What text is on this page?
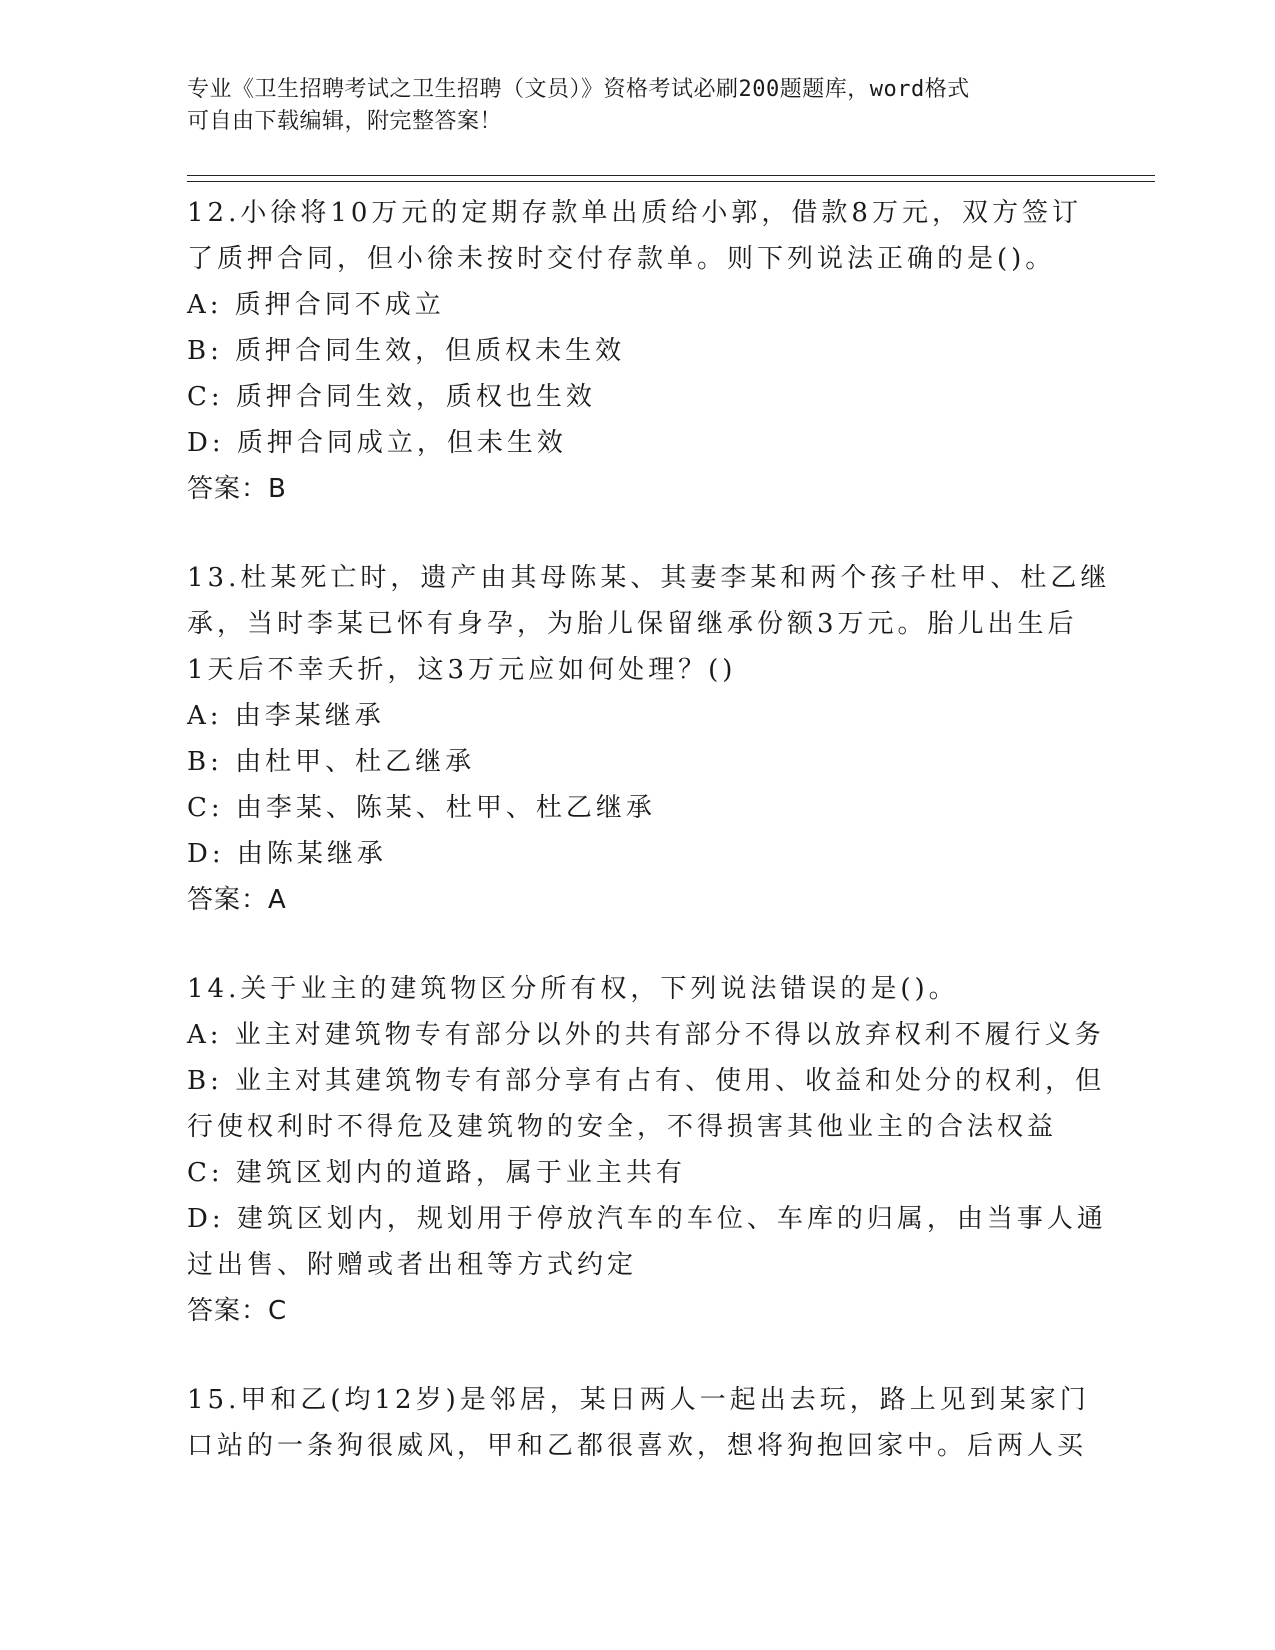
专业《卫生招聘考试之卫生招聘（文员）》资格考试必刷200题题库，word格式

可自由下载编辑，附完整答案！

12.小徐将10万元的定期存款单出质给小郭，借款8万元，双方签订

了质押合同，但小徐未按时交付存款单。则下列说法正确的是()。

A: 质押合同不成立

B: 质押合同生效，但质权未生效

C: 质押合同生效，质权也生效

D: 质押合同成立，但未生效

答案：B

13.杜某死亡时，遗产由其母陈某、其妻李某和两个孩子杜甲、杜乙继

承，当时李某已怀有身孕，为胎儿保留继承份额3万元。胎儿出生后

1天后不幸夭折，这3万元应如何处理？()

A: 由李某继承

B: 由杜甲、杜乙继承

C: 由李某、陈某、杜甲、杜乙继承

D: 由陈某继承

答案：A

14.关于业主的建筑物区分所有权，下列说法错误的是()。

A: 业主对建筑物专有部分以外的共有部分不得以放弃权利不履行义务

B: 业主对其建筑物专有部分享有占有、使用、收益和处分的权利，但

行使权利时不得危及建筑物的安全，不得损害其他业主的合法权益

C: 建筑区划内的道路，属于业主共有

D: 建筑区划内，规划用于停放汽车的车位、车库的归属，由当事人通

过出售、附赠或者出租等方式约定

答案：C

15.甲和乙(均12岁)是邻居，某日两人一起出去玩，路上见到某家门

口站的一条狗很威风，甲和乙都很喜欢，想将狗抱回家中。后两人买
